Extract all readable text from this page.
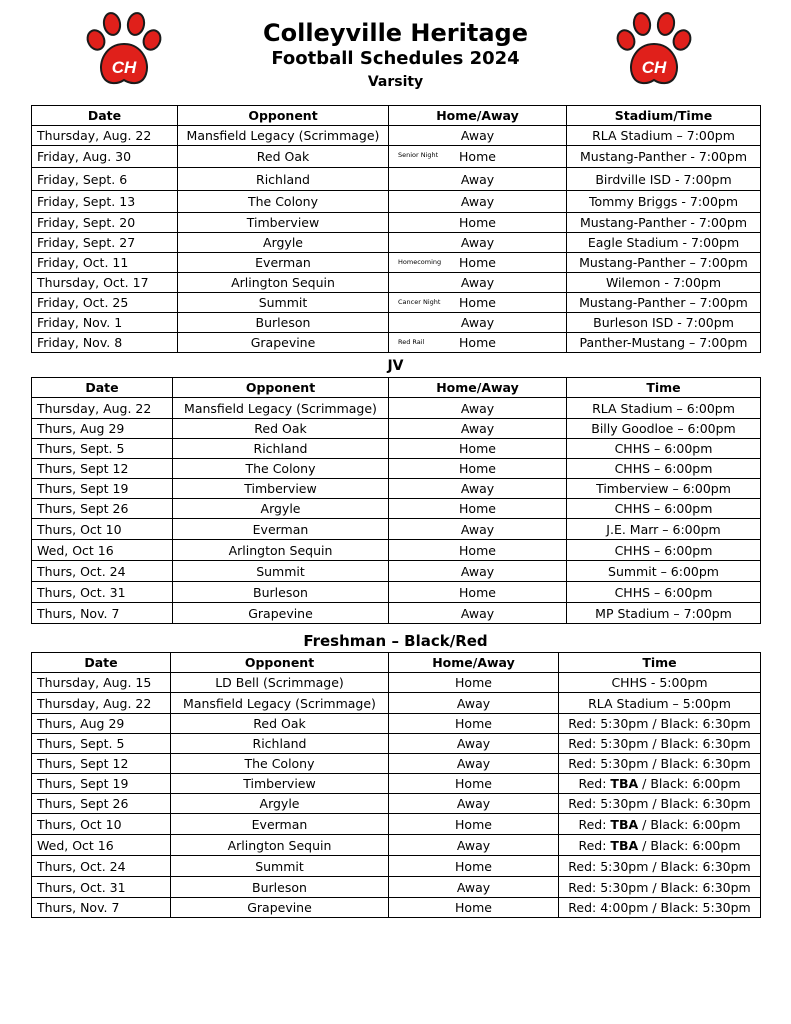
CH
Colleyville Heritage
Football Schedules 2024
Varsity
CH
Date	Opponent	Home/Away	Stadium/Time
Thursday, Aug. 22	Mansfield Legacy (Scrimmage)	Away	RLA Stadium – 7:00pm
Friday, Aug. 30	Red Oak	Senior Night Home	Mustang-Panther - 7:00pm
Friday, Sept. 6	Richland	Away	Birdville ISD - 7:00pm
Friday, Sept. 13	The Colony	Away	Tommy Briggs - 7:00pm
Friday, Sept. 20	Timberview	Home	Mustang-Panther - 7:00pm
Friday, Sept. 27	Argyle	Away	Eagle Stadium - 7:00pm
Friday, Oct. 11	Everman	Homecoming Home	Mustang-Panther – 7:00pm
Thursday, Oct. 17	Arlington Sequin	Away	Wilemon - 7:00pm
Friday, Oct. 25	Summit	Cancer Night Home	Mustang-Panther – 7:00pm
Friday, Nov. 1	Burleson	Away	Burleson ISD - 7:00pm
Friday, Nov. 8	Grapevine	Red Rail Home	Panther-Mustang – 7:00pm
JV
Date	Opponent	Home/Away	Time
Thursday, Aug. 22	Mansfield Legacy (Scrimmage)	Away	RLA Stadium – 6:00pm
Thurs, Aug 29	Red Oak	Away	Billy Goodloe – 6:00pm
Thurs, Sept. 5	Richland	Home	CHHS – 6:00pm
Thurs, Sept 12	The Colony	Home	CHHS – 6:00pm
Thurs, Sept 19	Timberview	Away	Timberview – 6:00pm
Thurs, Sept 26	Argyle	Home	CHHS – 6:00pm
Thurs, Oct 10	Everman	Away	J.E. Marr – 6:00pm
Wed, Oct 16	Arlington Sequin	Home	CHHS – 6:00pm
Thurs, Oct. 24	Summit	Away	Summit – 6:00pm
Thurs, Oct. 31	Burleson	Home	CHHS – 6:00pm
Thurs, Nov. 7	Grapevine	Away	MP Stadium – 7:00pm
Freshman – Black/Red
Date	Opponent	Home/Away	Time
Thursday, Aug. 15	LD Bell (Scrimmage)	Home	CHHS - 5:00pm
Thursday, Aug. 22	Mansfield Legacy (Scrimmage)	Away	RLA Stadium – 5:00pm
Thurs, Aug 29	Red Oak	Home	Red: 5:30pm / Black: 6:30pm
Thurs, Sept. 5	Richland	Away	Red: 5:30pm / Black: 6:30pm
Thurs, Sept 12	The Colony	Away	Red: 5:30pm / Black: 6:30pm
Thurs, Sept 19	Timberview	Home	Red: TBA / Black: 6:00pm
Thurs, Sept 26	Argyle	Away	Red: 5:30pm / Black: 6:30pm
Thurs, Oct 10	Everman	Home	Red: TBA / Black: 6:00pm
Wed, Oct 16	Arlington Sequin	Away	Red: TBA / Black: 6:00pm
Thurs, Oct. 24	Summit	Home	Red: 5:30pm / Black: 6:30pm
Thurs, Oct. 31	Burleson	Away	Red: 5:30pm / Black: 6:30pm
Thurs, Nov. 7	Grapevine	Home	Red: 4:00pm / Black: 5:30pm
